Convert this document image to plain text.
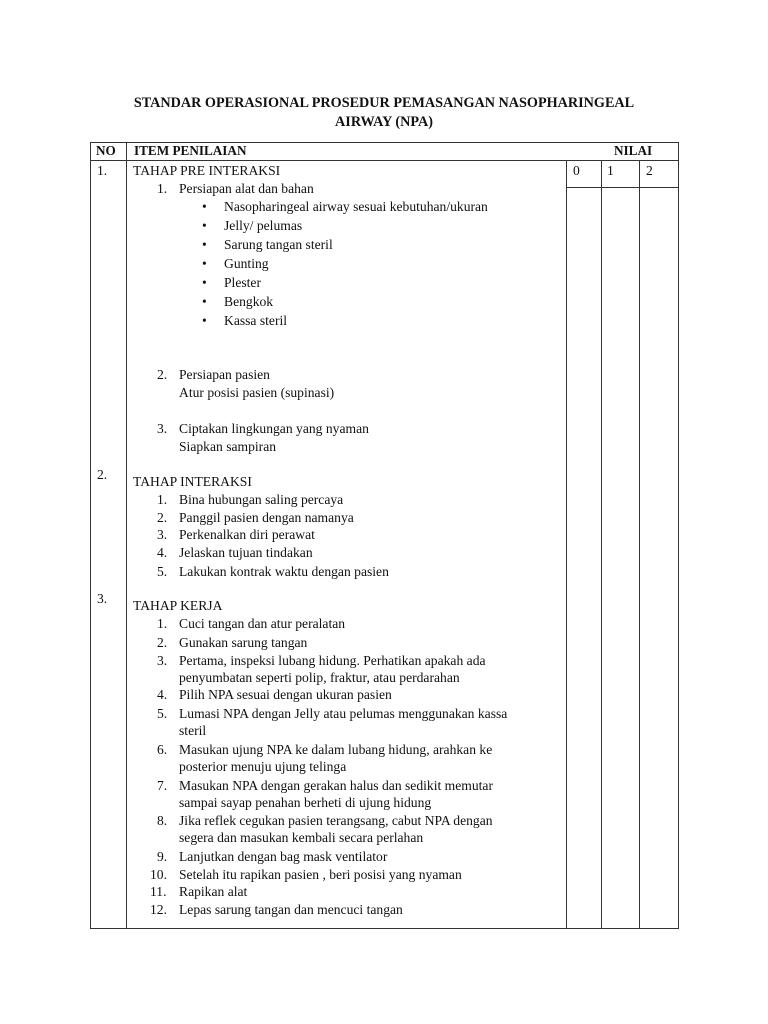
STANDAR OPERASIONAL PROSEDUR PEMASANGAN NASOPHARINGEAL
AIRWAY (NPA)
NO ITEM PENILAIAN	NILAI
0 1 2
1. TAHAP PRE INTERAKSI
1. Persiapan alat dan bahan
• Nasopharingeal airway sesuai kebutuhan/ukuran
• Jelly/ pelumas
• Sarung tangan steril
• Gunting
• Plester
• Bengkok
• Kassa steril
2. Persiapan pasien
Atur posisi pasien (supinasi)
3. Ciptakan lingkungan yang nyaman
Siapkan sampiran
2. TAHAP INTERAKSI
1. Bina hubungan saling percaya
2. Panggil pasien dengan namanya
3. Perkenalkan diri perawat
4. Jelaskan tujuan tindakan
5. Lakukan kontrak waktu dengan pasien
3. TAHAP KERJA
1. Cuci tangan dan atur peralatan
2. Gunakan sarung tangan
3. Pertama, inspeksi lubang hidung. Perhatikan apakah ada
penyumbatan seperti polip, fraktur, atau perdarahan
4. Pilih NPA sesuai dengan ukuran pasien
5. Lumasi NPA dengan Jelly atau pelumas menggunakan kassa
steril
6. Masukan ujung NPA ke dalam lubang hidung, arahkan ke
posterior menuju ujung telinga
7. Masukan NPA dengan gerakan halus dan sedikit memutar
sampai sayap penahan berheti di ujung hidung
8. Jika reflek cegukan pasien terangsang, cabut NPA dengan
segera dan masukan kembali secara perlahan
9. Lanjutkan dengan bag mask ventilator
10. Setelah itu rapikan pasien , beri posisi yang nyaman
11. Rapikan alat
12. Lepas sarung tangan dan mencuci tangan
